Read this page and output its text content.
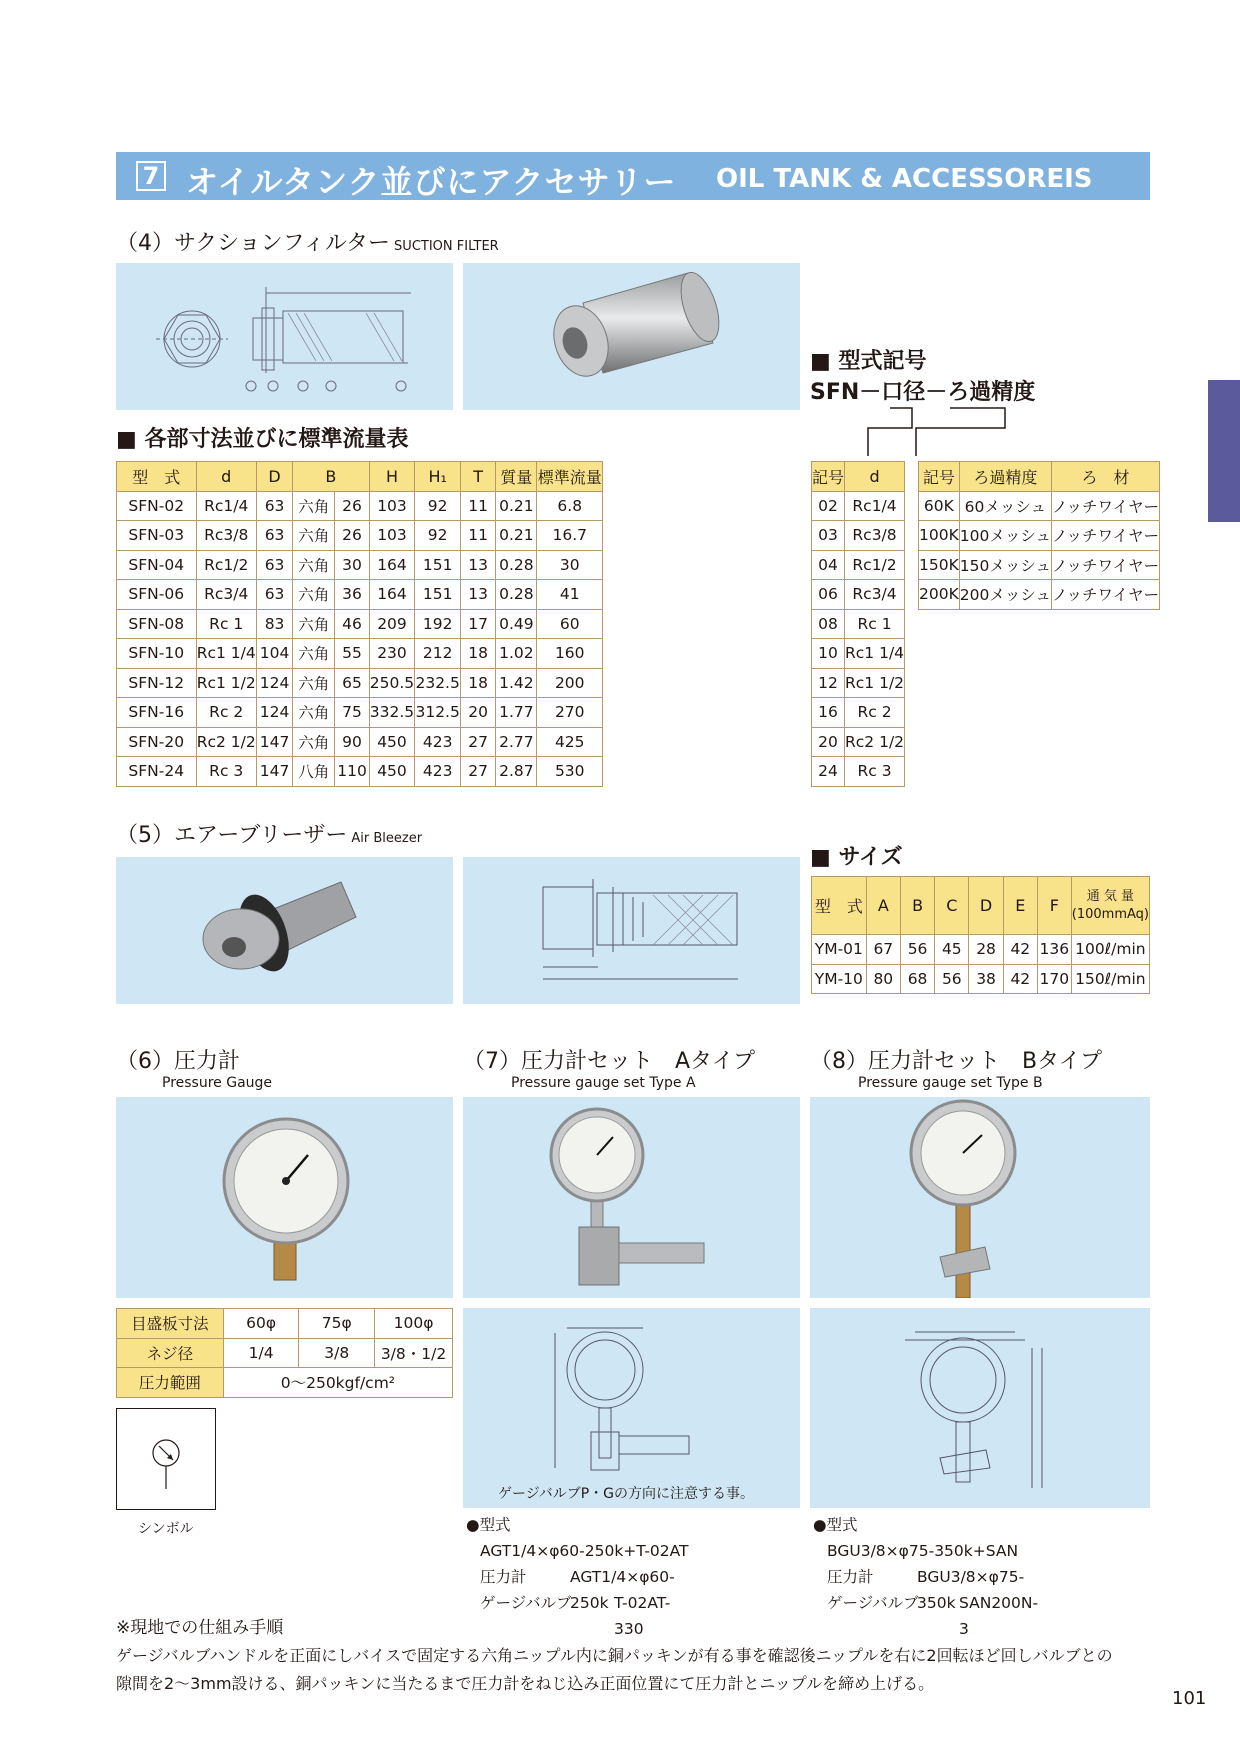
7 オイルタンク並びにアクセサリー OIL TANK & ACCESSOREIS
（4）サクションフィルター SUCTION FILTER
■ 型式記号
SFN－口径－ろ過精度
■ 各部寸法並びに標準流量表
型　式	d	D	B		H	H₁	T	質量	標準流量
SFN-02	Rc1/4	63	六角	26	103	92	11	0.21	6.8
SFN-03	Rc3/8	63	六角	26	103	92	11	0.21	16.7
SFN-04	Rc1/2	63	六角	30	164	151	13	0.28	30
SFN-06	Rc3/4	63	六角	36	164	151	13	0.28	41
SFN-08	Rc 1	83	六角	46	209	192	17	0.49	60
SFN-10	Rc1 1/4	104	六角	55	230	212	18	1.02	160
SFN-12	Rc1 1/2	124	六角	65	250.5	232.5	18	1.42	200
SFN-16	Rc 2	124	六角	75	332.5	312.5	20	1.77	270
SFN-20	Rc2 1/2	147	六角	90	450	423	27	2.77	425
SFN-24	Rc 3	147	八角	110	450	423	27	2.87	530
記号	d
02	Rc1/4
03	Rc3/8
04	Rc1/2
06	Rc3/4
08	Rc 1
10	Rc1 1/4
12	Rc1 1/2
16	Rc 2
20	Rc2 1/2
24	Rc 3
記号	ろ過精度	ろ　材
60K	60メッシュ	ノッチワイヤー
100K	100メッシュ	ノッチワイヤー
150K	150メッシュ	ノッチワイヤー
200K	200メッシュ	ノッチワイヤー
（5）エアーブリーザー Air Bleezer
■ サイズ
型　式	A	B	C	D	E	F	通 気 量
(100mmAq)
YM-01	67	56	45	28	42	136	100ℓ/min
YM-10	80	68	56	38	42	170	150ℓ/min
（6）圧力計
Pressure Gauge
（7）圧力計セット　Aタイプ
Pressure gauge set Type A
（8）圧力計セット　Bタイプ
Pressure gauge set Type B
目盛板寸法	60φ	75φ	100φ
ネジ径	1/4	3/8	3/8・1/2
圧力範囲	0～250kgf/cm²		
シンボル
ゲージバルブP・Gの方向に注意する事。
●型式
AGT1/4×φ60-250k+T-02AT
圧力計	AGT1/4×φ60-250k
ゲージバルブ	T-02AT-330
●型式
BGU3/8×φ75-350k+SAN
圧力計	BGU3/8×φ75-350k
ゲージバルブ	SAN200N-3
※現地での仕組み手順
ゲージバルブハンドルを正面にしバイスで固定する六角ニップル内に銅パッキンが有る事を確認後ニップルを右に2回転ほど回しバルブとの
隙間を2～3mm設ける、銅パッキンに当たるまで圧力計をねじ込み正面位置にて圧力計とニップルを締め上げる。
101
